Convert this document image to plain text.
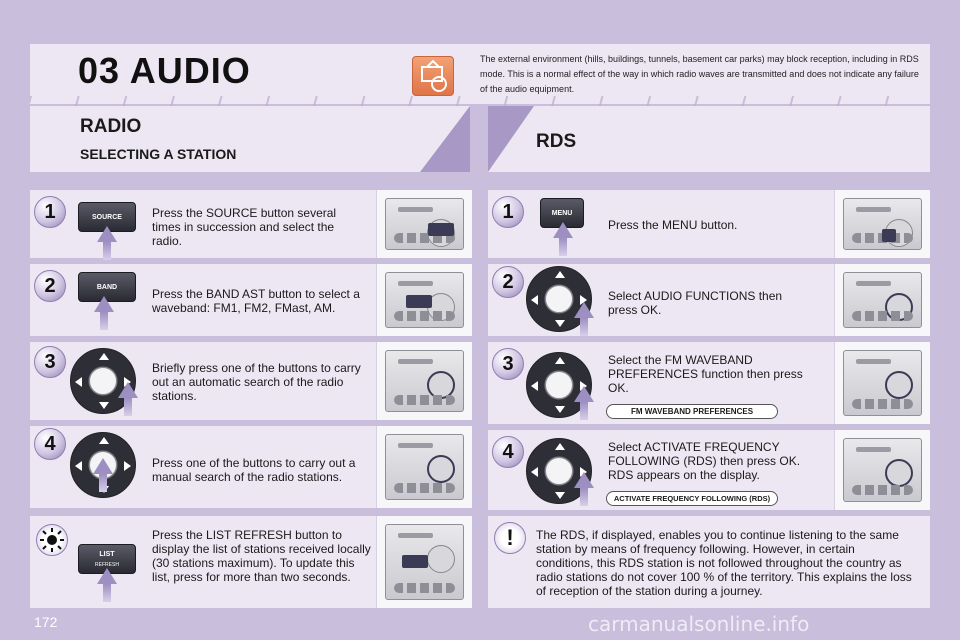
03 AUDIO	The external environment (hills, buildings, tunnels, basement car parks) may block reception, including in RDS mode. This is a normal effect of the way in which radio waves are transmitted and does not indicate any failure of the audio equipment.
RADIO
SELECTING A STATION
RDS
1	SOURCE	Press the SOURCE button several times in succession and select the radio.
2	BAND	Press the BAND AST button to select a waveband: FM1, FM2, FMast, AM.
3	Briefly press one of the buttons to carry out an automatic search of the radio stations.
4
Press one of the buttons to carry out a manual search of the radio stations.
LIST
REFRESH
Press the LIST REFRESH button to display the list of stations received locally (30 stations maximum). To update this list, press for more than two seconds.
1	MENU
Press the MENU button.
2
Select AUDIO FUNCTIONS then press OK.
3	Select the FM WAVEBAND PREFERENCES function then press OK.
FM WAVEBAND PREFERENCES
4	Select ACTIVATE FREQUENCY FOLLOWING (RDS) then press OK. RDS appears on the display.
ACTIVATE FREQUENCY FOLLOWING (RDS)
!	The RDS, if displayed, enables you to continue listening to the same station by means of frequency following. However, in certain conditions, this RDS station is not followed throughout the country as radio stations do not cover 100 % of the territory. This explains the loss of reception of the station during a journey.
172	carmanualsonline.info
